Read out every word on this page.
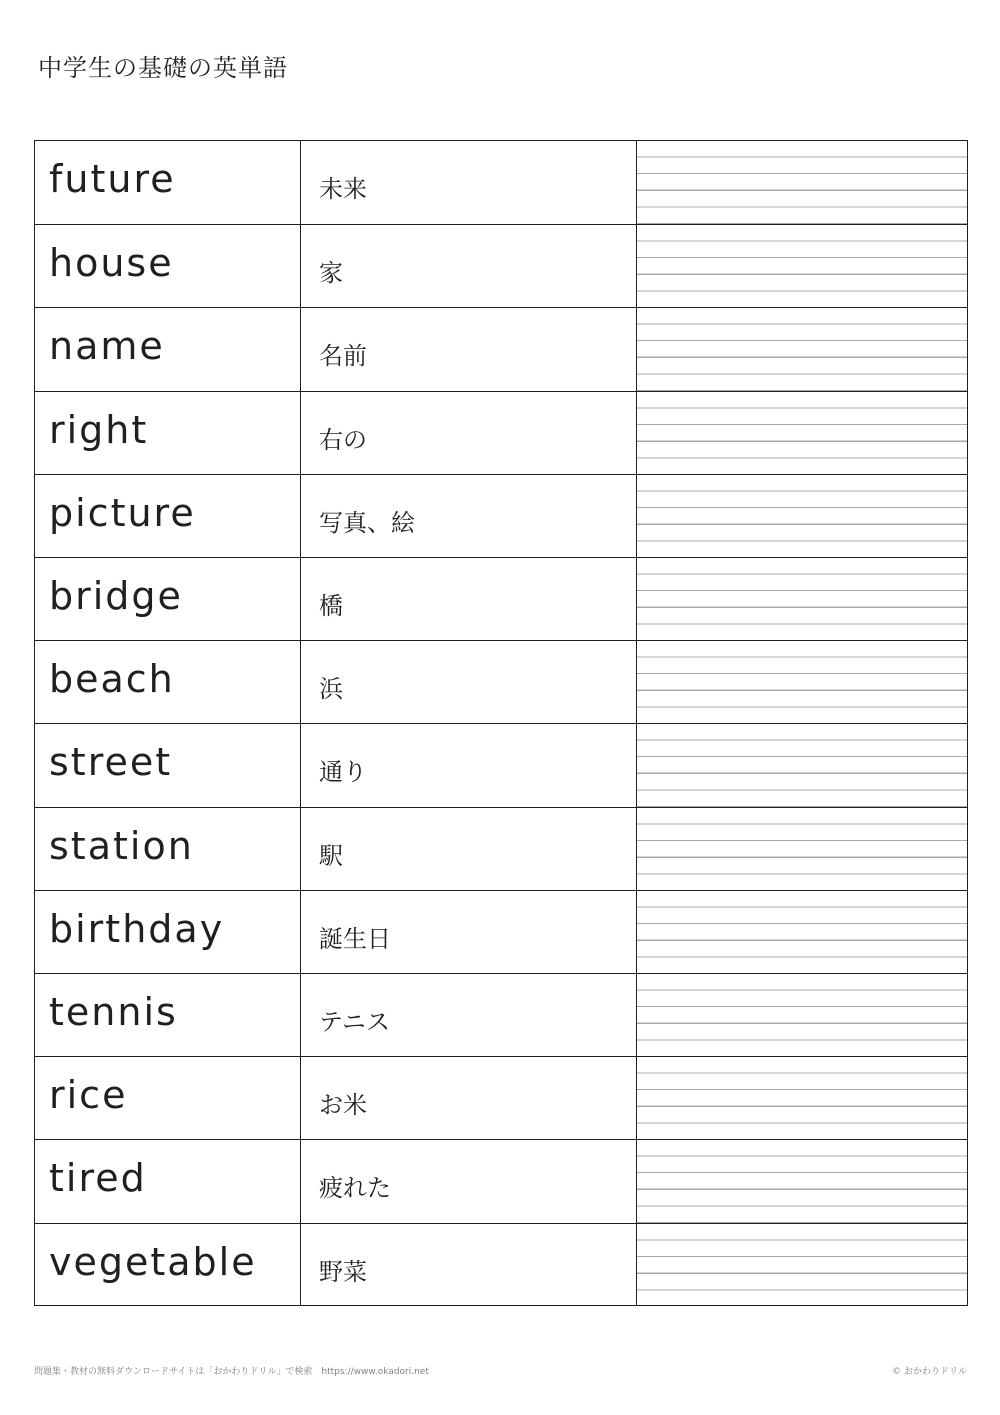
中学生の基礎の英単語
future	未来
house	家
name	名前
right	右の
picture	写真、絵
bridge	橋
beach	浜
street	通り
station	駅
birthday	誕生日
tennis	テニス
rice	お米
tired	疲れた
vegetable	野菜
問題集・教材の無料ダウンロードサイトは「おかわりドリル」で検索　https://www.okadori.net	© おかわりドリル
